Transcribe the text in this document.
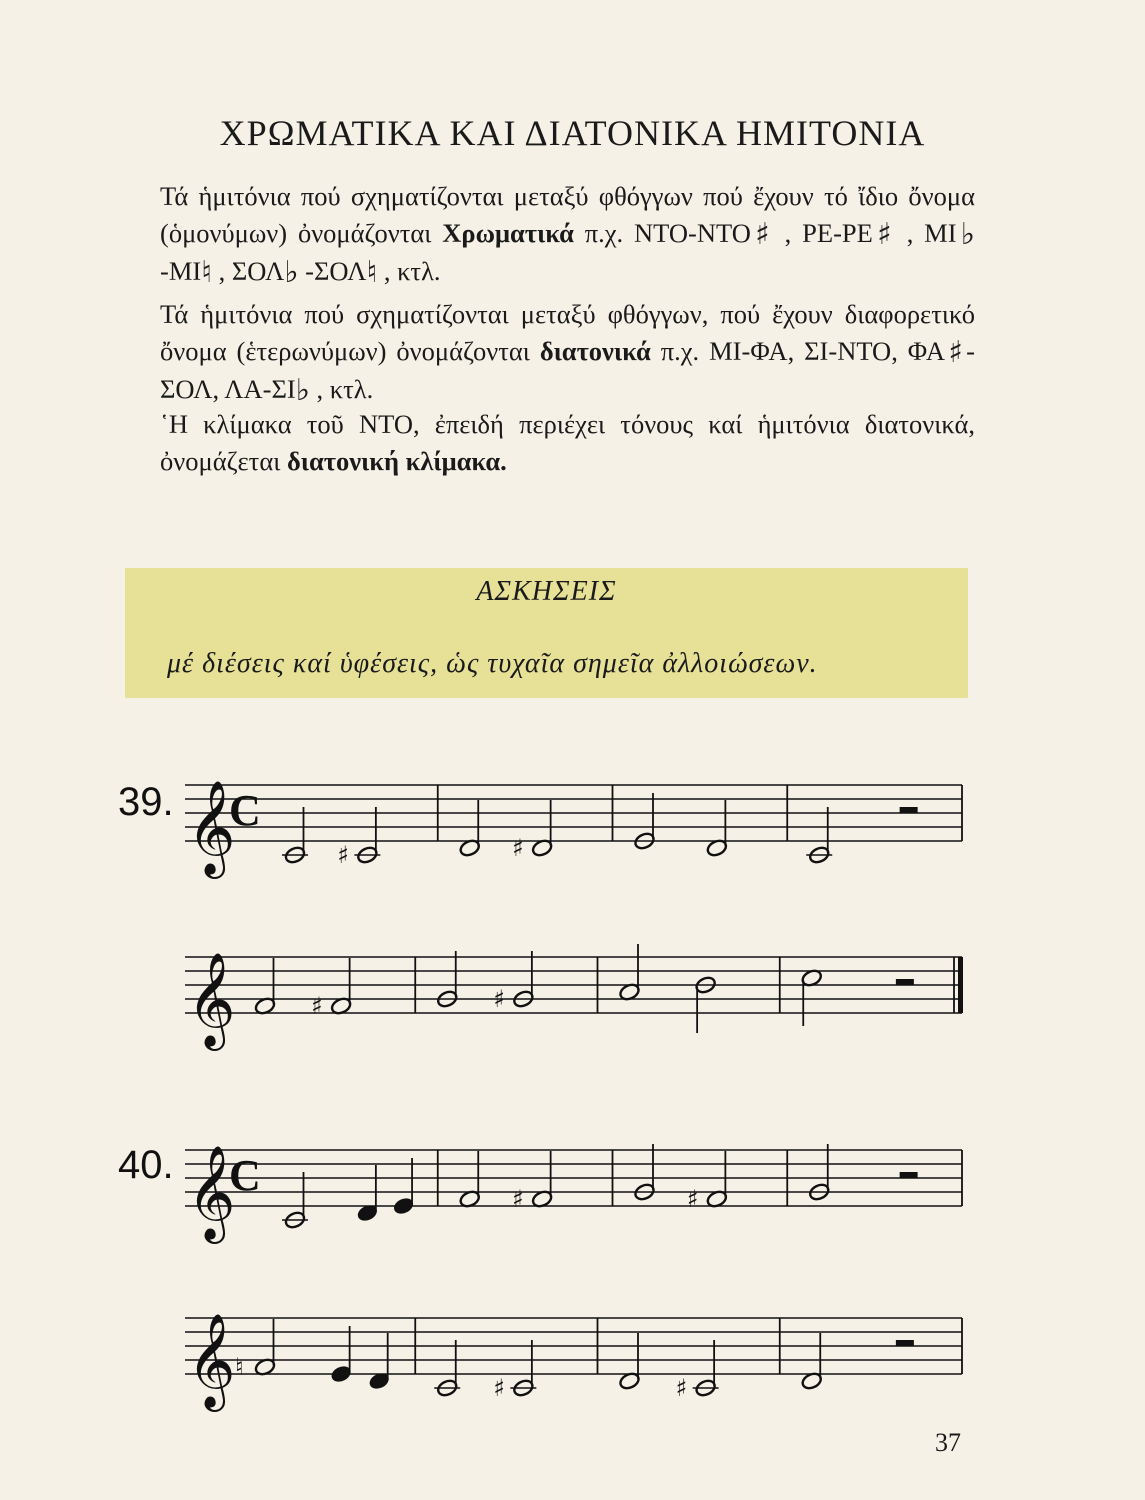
ΧΡΩΜΑΤΙΚΑ ΚΑΙ ΔΙΑΤΟΝΙΚΑ ΗΜΙΤΟΝΙΑ

Τά ἡμιτόνια πού σχηματίζονται μεταξύ φθόγγων πού ἔχουν τό ἴδιο ὄνομα (ὁμονύμων) ὀνομάζονται Χρωματικά π.χ. ΝΤΟ-ΝΤΟ♯ , ΡΕ-ΡΕ♯ , ΜΙ♭ -ΜΙ♮ , ΣΟΛ♭ -ΣΟΛ♮ , κτλ.

Τά ἡμιτόνια πού σχηματίζονται μεταξύ φθόγγων, πού ἔχουν διαφορετικό ὄνομα (ἑτερωνύμων) ὀνομάζονται διατονικά π.χ. ΜΙ-ΦΑ, ΣΙ-ΝΤΟ, ΦΑ♯-ΣΟΛ, ΛΑ-ΣΙ♭ , κτλ.

῾Η κλίμακα τοῦ ΝΤΟ, ἐπειδή περιέχει τόνους καί ἡμιτόνια διατονικά, ὀνομάζεται διατονική κλίμακα.

ΑΣΚΗΣΕΙΣ
μέ διέσεις καί ὑφέσεις, ὡς τυχαῖα σημεῖα ἀλλοιώσεων.
39.
40.
𝄞
C
♯	♯
𝄞	♯	♯
𝄞
C	♯	♯
𝄞 ♮
♯	♯
37
